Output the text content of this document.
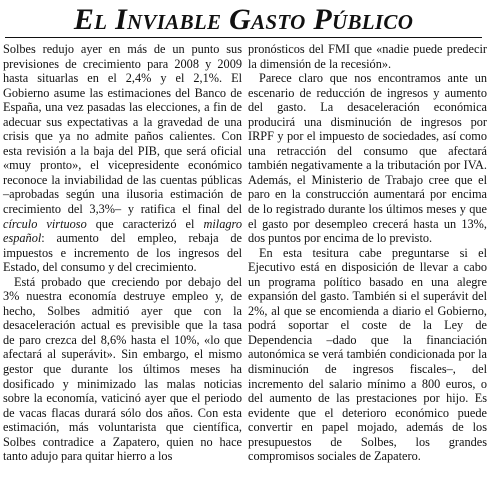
El Inviable Gasto Público

Solbes redujo ayer en más de un punto sus previsiones de crecimiento para 2008 y 2009 hasta situarlas en el 2,4% y el 2,1%. El Gobierno asume las estimaciones del Banco de España, una vez pasadas las elecciones, a fin de adecuar sus expectativas a la gravedad de una crisis que ya no admite paños calientes. Con esta revisión a la baja del PIB, que será oficial «muy pronto», el vicepresidente económico reconoce la inviabilidad de las cuentas públicas –aprobadas según una ilusoria estimación de crecimiento del 3,3%– y ratifica el final del círculo virtuoso que caracterizó el milagro español: aumento del empleo, rebaja de impuestos e incremento de los ingresos del Estado, del consumo y del crecimiento.

Está probado que creciendo por debajo del 3% nuestra economía destruye empleo y, de hecho, Solbes admitió ayer que con la desaceleración actual es previsible que la tasa de paro crezca del 8,6% hasta el 10%, «lo que afectará al superávit». Sin embargo, el mismo gestor que durante los últimos meses ha dosificado y minimizado las malas noticias sobre la economía, vaticinó ayer que el periodo de vacas flacas durará sólo dos años. Con esta estimación, más voluntarista que científica, Solbes contradice a Zapatero, quien no hace tanto adujo para quitar hierro a los

pronósticos del FMI que «nadie puede predecir la dimensión de la recesión».

Parece claro que nos encontramos ante un escenario de reducción de ingresos y aumento del gasto. La desaceleración económica producirá una disminución de ingresos por IRPF y por el impuesto de sociedades, así como una retracción del consumo que afectará también negativamente a la tributación por IVA. Además, el Ministerio de Trabajo cree que el paro en la construcción aumentará por encima de lo registrado durante los últimos meses y que el gasto por desempleo crecerá hasta un 13%, dos puntos por encima de lo previsto.

En esta tesitura cabe preguntarse si el Ejecutivo está en disposición de llevar a cabo un programa político basado en una alegre expansión del gasto. También si el superávit del 2%, al que se encomienda a diario el Gobierno, podrá soportar el coste de la Ley de Dependencia –dado que la financiación autonómica se verá también condicionada por la disminución de ingresos fiscales–, del incremento del salario mínimo a 800 euros, o del aumento de las prestaciones por hijo. Es evidente que el deterioro económico puede convertir en papel mojado, además de los presupuestos de Solbes, los grandes compromisos sociales de Zapatero.
